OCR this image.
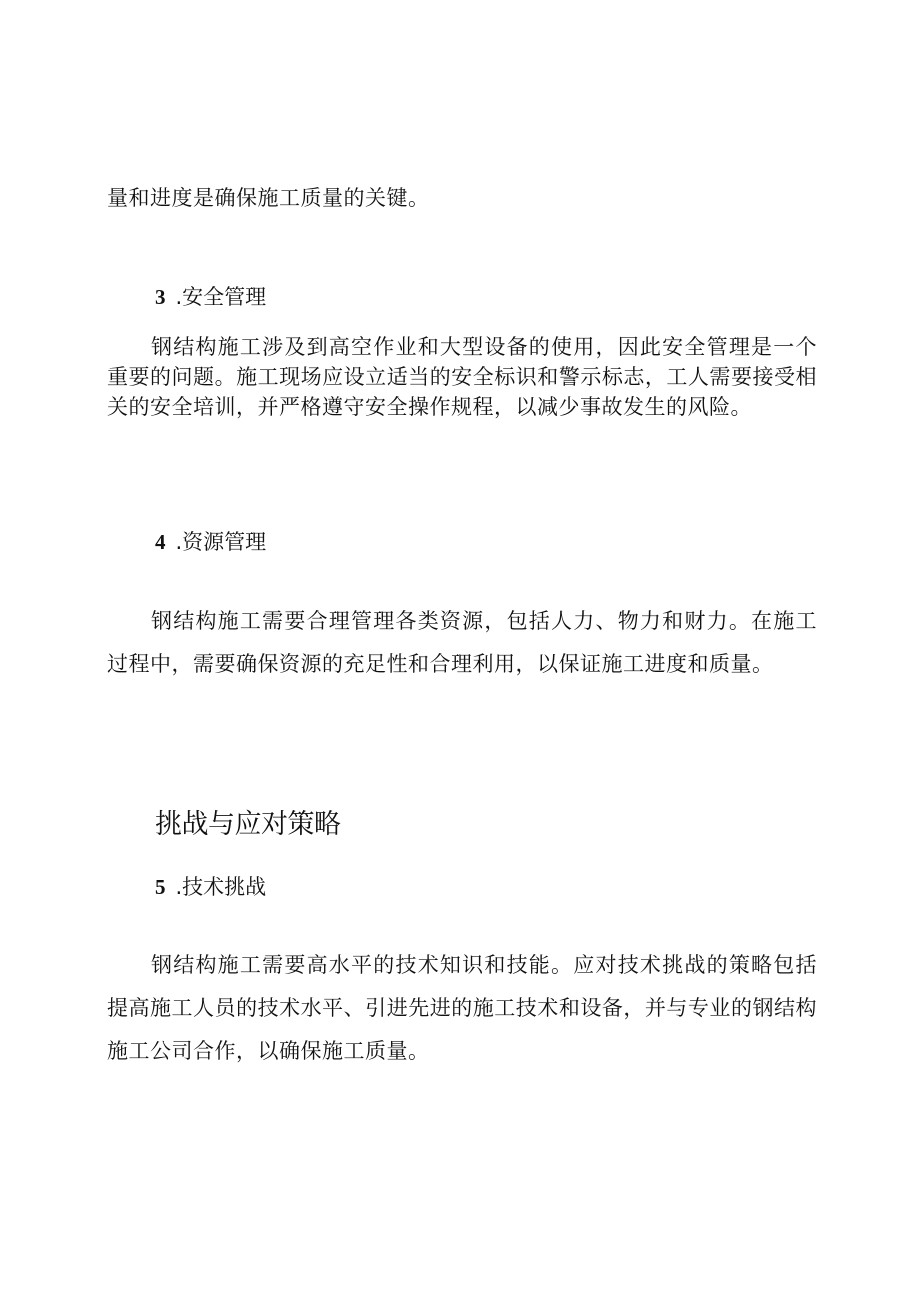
量和进度是确保施工质量的关键。

3 .安全管理

钢结构施工涉及到高空作业和大型设备的使用，因此安全管理是一个重要的问题。施工现场应设立适当的安全标识和警示标志，工人需要接受相关的安全培训，并严格遵守安全操作规程，以减少事故发生的风险。

4 .资源管理

钢结构施工需要合理管理各类资源，包括人力、物力和财力。在施工过程中，需要确保资源的充足性和合理利用，以保证施工进度和质量。

挑战与应对策略
5 .技术挑战

钢结构施工需要高水平的技术知识和技能。应对技术挑战的策略包括提高施工人员的技术水平、引进先进的施工技术和设备，并与专业的钢结构施工公司合作，以确保施工质量。
